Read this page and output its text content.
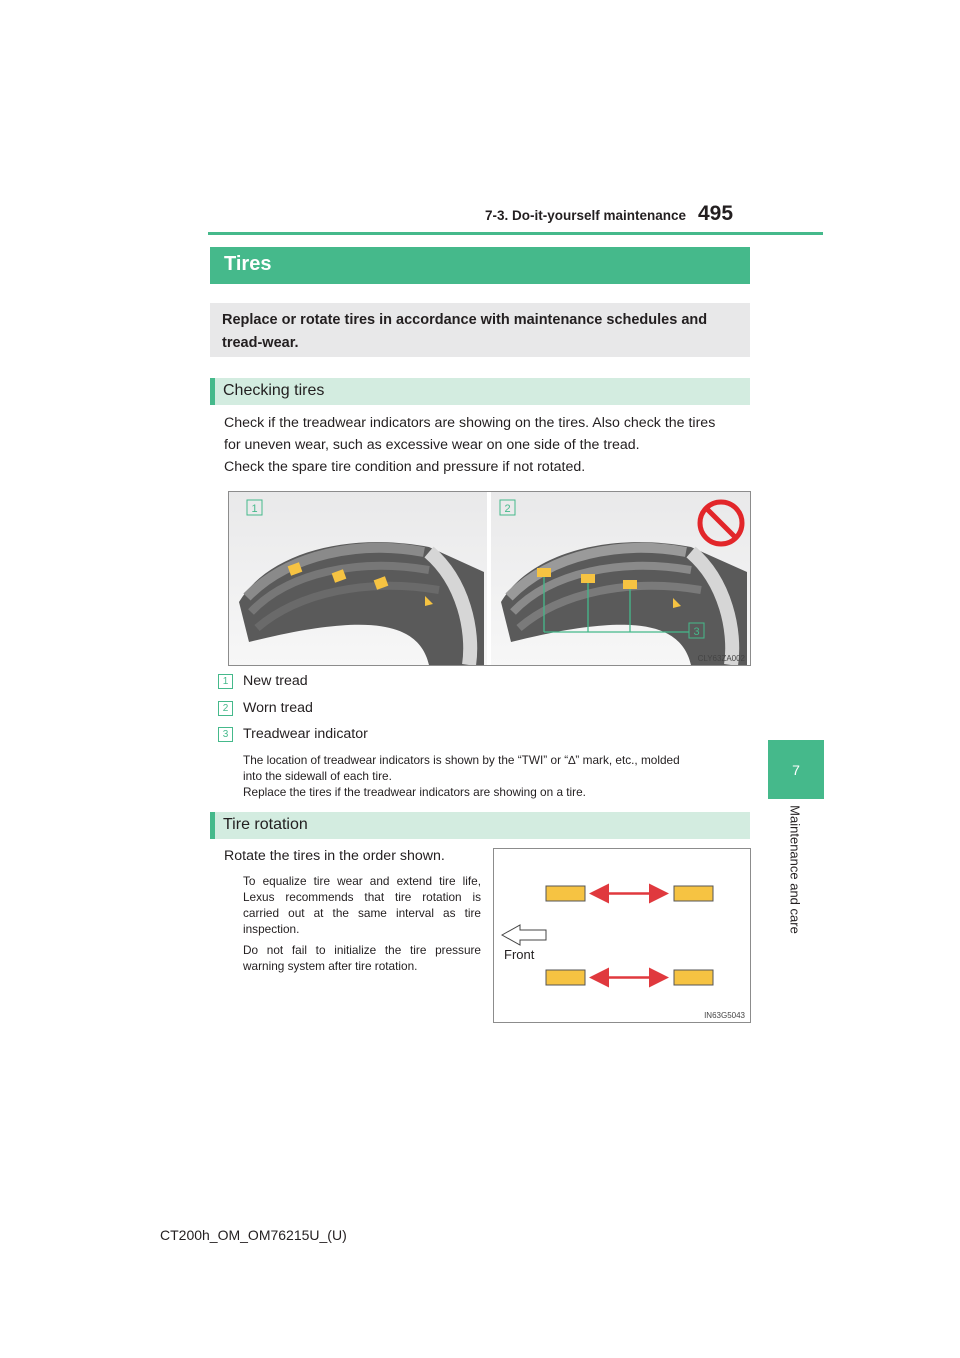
7-3. Do-it-yourself maintenance 495
7
Maintenance and care
Tires
Replace or rotate tires in accordance with maintenance schedules and tread-wear.
Checking tires
Check if the treadwear indicators are showing on the tires. Also check the tires
for uneven wear, such as excessive wear on one side of the tread.
Check the spare tire condition and pressure if not rotated.
1	2
3
CLY63ZA002
1	New tread
2	Worn tread
3	Treadwear indicator
The location of treadwear indicators is shown by the “TWI” or “∆” mark, etc., molded
into the sidewall of each tire.
Replace the tires if the treadwear indicators are showing on a tire.
Tire rotation
Rotate the tires in the order shown.
To equalize tire wear and extend tire life, Lexus recommends that tire rotation is carried out at the same interval as tire inspection.
Do not fail to initialize the tire pressure warning system after tire rotation.
Front
IN63G5043
CT200h_OM_OM76215U_(U)
